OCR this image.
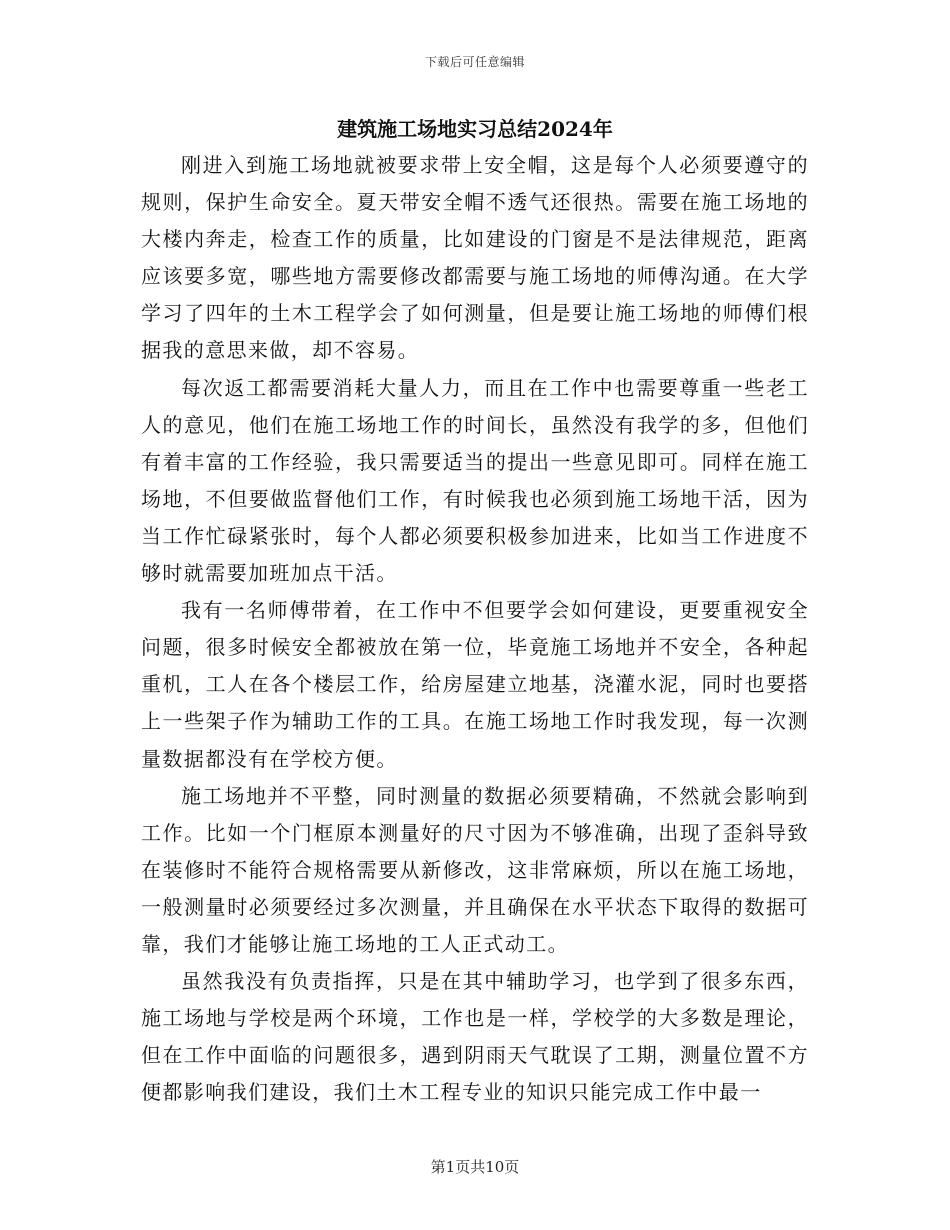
下载后可任意编辑
建筑施工场地实习总结2024年

刚进入到施工场地就被要求带上安全帽，这是每个人必须要遵守的规则，保护生命安全。夏天带安全帽不透气还很热。需要在施工场地的大楼内奔走，检查工作的质量，比如建设的门窗是不是法律规范，距离应该要多宽，哪些地方需要修改都需要与施工场地的师傅沟通。在大学学习了四年的土木工程学会了如何测量，但是要让施工场地的师傅们根据我的意思来做，却不容易。

每次返工都需要消耗大量人力，而且在工作中也需要尊重一些老工人的意见，他们在施工场地工作的时间长，虽然没有我学的多，但他们有着丰富的工作经验，我只需要适当的提出一些意见即可。同样在施工场地，不但要做监督他们工作，有时候我也必须到施工场地干活，因为当工作忙碌紧张时，每个人都必须要积极参加进来，比如当工作进度不够时就需要加班加点干活。

我有一名师傅带着，在工作中不但要学会如何建设，更要重视安全问题，很多时候安全都被放在第一位，毕竟施工场地并不安全，各种起重机，工人在各个楼层工作，给房屋建立地基，浇灌水泥，同时也要搭上一些架子作为辅助工作的工具。在施工场地工作时我发现，每一次测量数据都没有在学校方便。

施工场地并不平整，同时测量的数据必须要精确，不然就会影响到工作。比如一个门框原本测量好的尺寸因为不够准确，出现了歪斜导致在装修时不能符合规格需要从新修改，这非常麻烦，所以在施工场地，一般测量时必须要经过多次测量，并且确保在水平状态下取得的数据可靠，我们才能够让施工场地的工人正式动工。

虽然我没有负责指挥，只是在其中辅助学习，也学到了很多东西，施工场地与学校是两个环境，工作也是一样，学校学的大多数是理论，但在工作中面临的问题很多，遇到阴雨天气耽误了工期，测量位置不方便都影响我们建设，我们土木工程专业的知识只能完成工作中最一

第1页共10页
